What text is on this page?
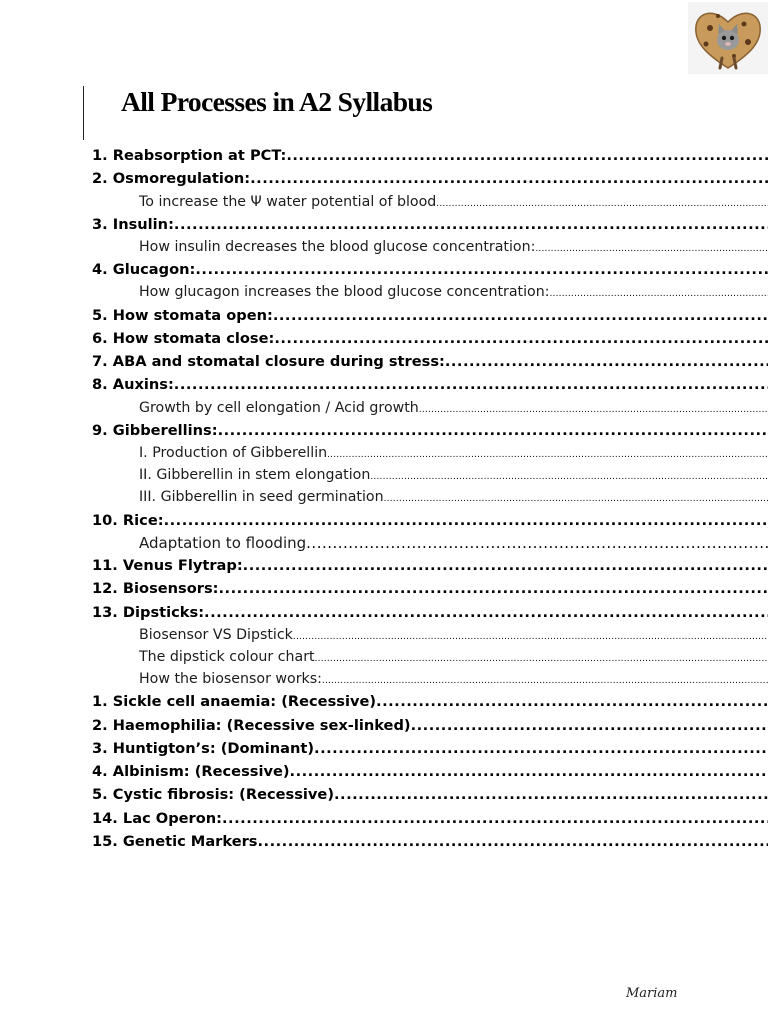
All Processes in A2 Syllabus
1. Reabsorption at PCT:
.....
2. Osmoregulation:
.....
To increase the Ψ water potential of blood
.....
3. Insulin:
.....
How insulin decreases the blood glucose concentration:
.....
4. Glucagon:
.....
How glucagon increases the blood glucose concentration:
.....
5. How stomata open:
.....
6. How stomata close:
.....
7. ABA and stomatal closure during stress:
.....
8. Auxins:
.....
Growth by cell elongation / Acid growth
.....
9. Gibberellins:
.....
I. Production of Gibberellin
.....
II. Gibberellin in stem elongation
.....
III. Gibberellin in seed germination
.....
10. Rice:
.....
Adaptation to flooding
.....
11. Venus Flytrap:
.....
12. Biosensors:
.....
13. Dipsticks:
.....
Biosensor VS Dipstick
.....
The dipstick colour chart
.....
How the biosensor works:
.....
1. Sickle cell anaemia: (Recessive)
.....
2. Haemophilia: (Recessive sex-linked)
.....
3. Huntigton’s: (Dominant)
.....
4. Albinism: (Recessive)
.....
5. Cystic fibrosis: (Recessive)
.....
14. Lac Operon:
.....
15. Genetic Markers
.....
Mariam
